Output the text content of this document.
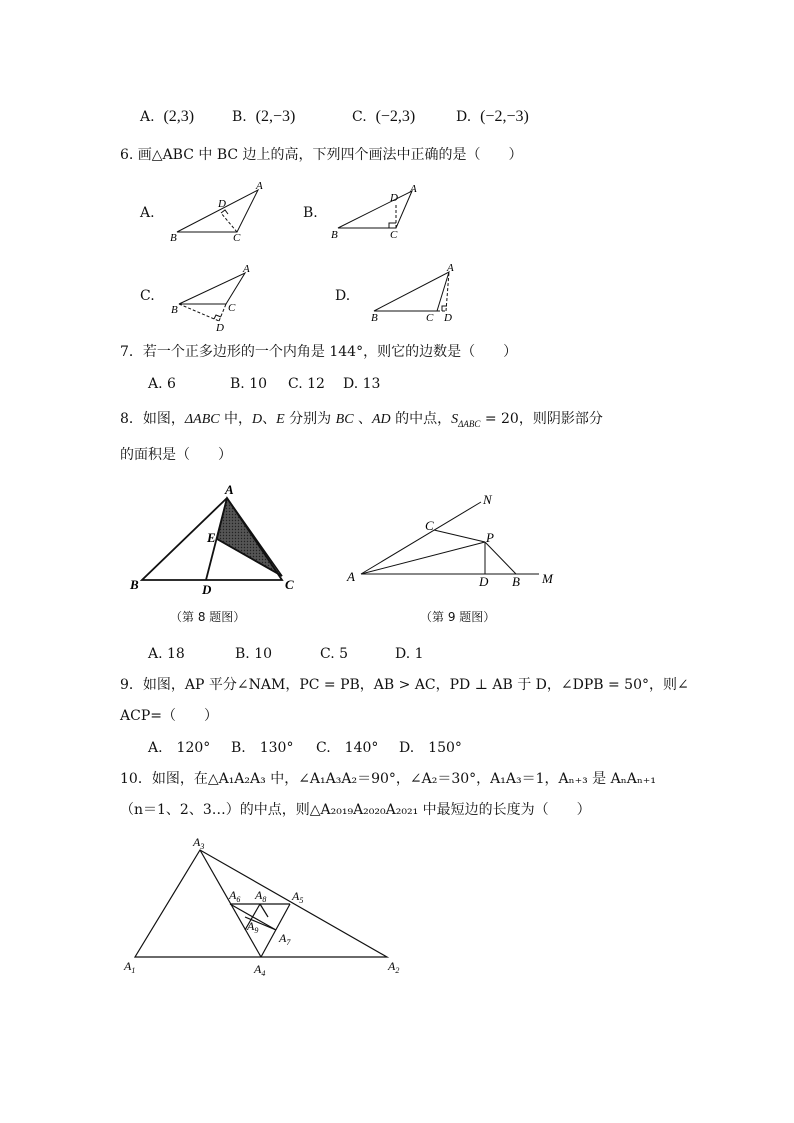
A. (2,3)	B. (2,−3)	C. (−2,3)	D. (−2,−3)
6. 画△ABC 中 BC 边上的高，下列四个画法中正确的是（　　）
A.
A
B	C
D
B.
A
B	C
D
C.
A
B	C
D
D.
A
B	C D
7．若一个正多边形的一个内角是 144°，则它的边数是（　　）
A. 6	B. 10 C. 12 D. 13
8．如图，ΔABC 中，D、E 分别为 BC 、AD 的中点，$S_{\Delta ABC} = 20$，则阴影部分
的面积是（　　）
A
B	C
D
E
（第 8 题图）
A	B
C
D	M
N
P
（第 9 题图）
A. 18	B. 10	C. 5	D. 1
9．如图，AP 平分∠NAM，PC = PB，AB > AC，PD ⊥ AB 于 D，∠DPB = 50°，则∠
ACP=（　　）
A.　120° B.　130° C.　140° D.　150°
10．如图，在△A₁A₂A₃ 中，∠A₁A₃A₂＝90°，∠A₂＝30°，A₁A₃＝1，Aₙ₊₃ 是 AₙAₙ₊₁
（n＝1、2、3…）的中点，则△A₂₀₁₉A₂₀₂₀A₂₀₂₁ 中最短边的长度为（　　）
$A_1$	$A_2$
$A_3$
$A_4$
$A_5$
$A_6$
$A_7$
$A_8$
$A_9$
